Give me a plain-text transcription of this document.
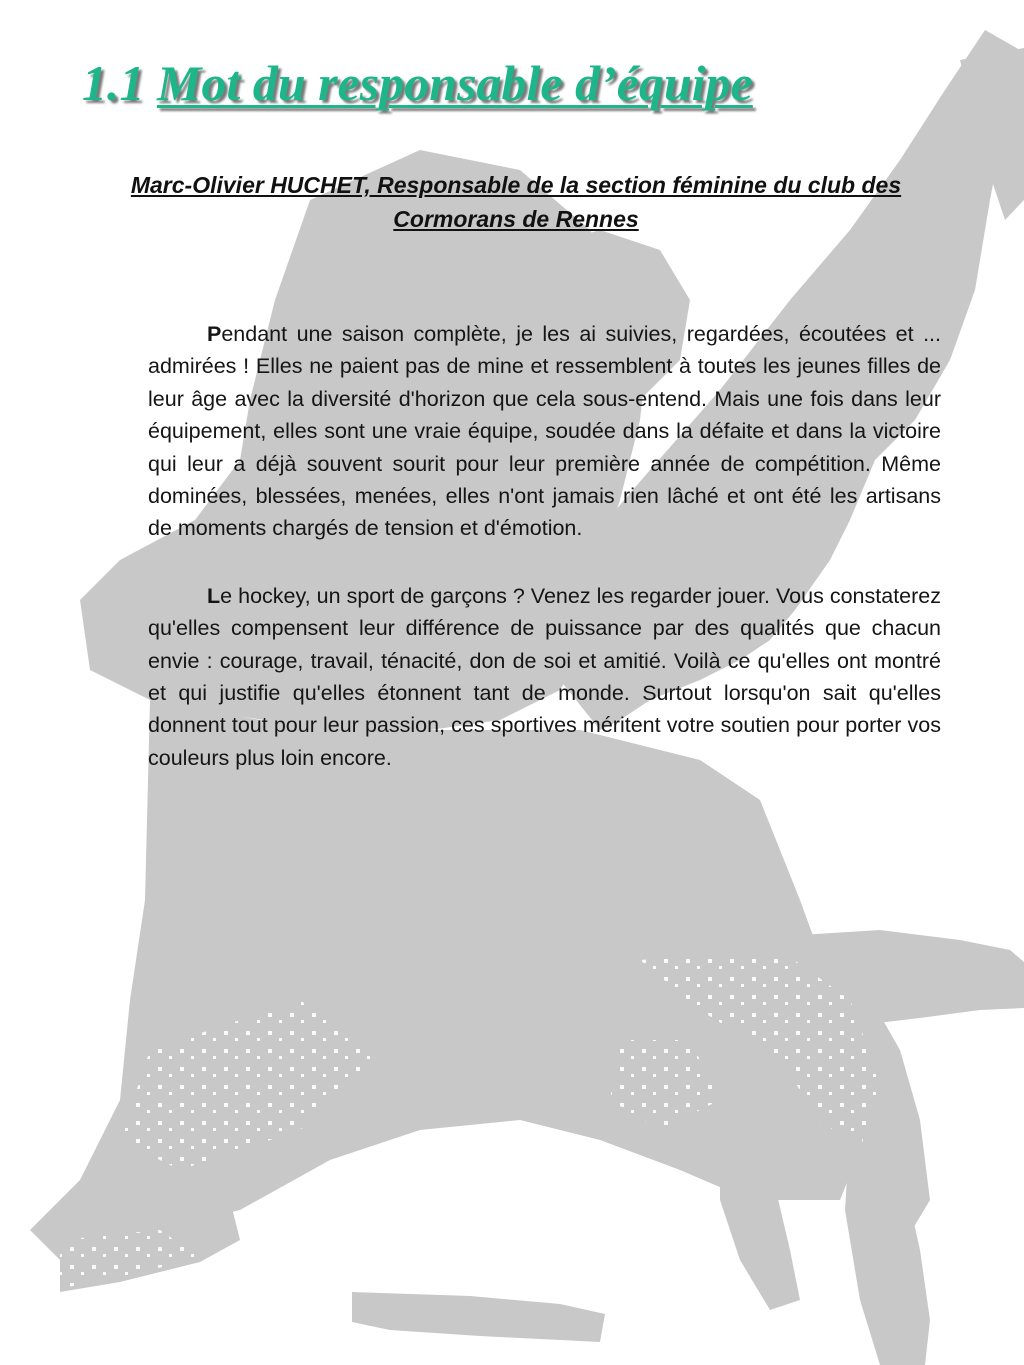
1.1 Mot du responsable d’équipe
Marc-Olivier HUCHET, Responsable de la section féminine du club des Cormorans de Rennes

Pendant une saison complète, je les ai suivies, regardées, écoutées et ... admirées ! Elles ne paient pas de mine et ressemblent à toutes les jeunes filles de leur âge avec la diversité d'horizon que cela sous-entend. Mais une fois dans leur équipement, elles sont une vraie équipe, soudée dans la défaite et dans la victoire qui leur a déjà souvent sourit pour leur première année de compétition. Même dominées, blessées, menées, elles n'ont jamais rien lâché et ont été les artisans de moments chargés de tension et d'émotion.

Le hockey, un sport de garçons ? Venez les regarder jouer. Vous constaterez qu'elles compensent leur différence de puissance par des qualités que chacun envie : courage, travail, ténacité, don de soi et amitié. Voilà ce qu'elles ont montré et qui justifie qu'elles étonnent tant de monde. Surtout lorsqu'on sait qu'elles donnent tout pour leur passion, ces sportives méritent votre soutien pour porter vos couleurs plus loin encore.
